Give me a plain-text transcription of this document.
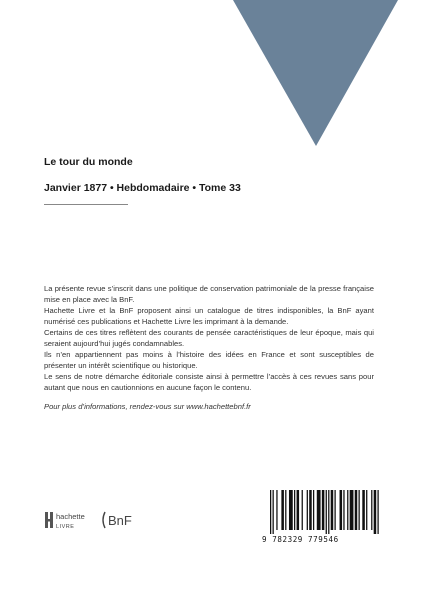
Le tour du monde
Janvier 1877 • Hebdomadaire • Tome 33

La présente revue s’inscrit dans une politique de conservation patrimoniale de la presse française mise en place avec la BnF.

Hachette Livre et la BnF proposent ainsi un catalogue de titres indisponibles, la BnF ayant numérisé ces publications et Hachette Livre les imprimant à la demande.

Certains de ces titres reflètent des courants de pensée caractéristiques de leur époque, mais qui seraient aujourd’hui jugés condamnables.

Ils n’en appartiennent pas moins à l’histoire des idées en France et sont susceptibles de présenter un intérêt scientifique ou historique.

Le sens de notre démarche éditoriale consiste ainsi à permettre l’accès à ces revues sans pour autant que nous en cautionnions en aucune façon le contenu.

Pour plus d’informations, rendez-vous sur www.hachettebnf.fr

hachette
LIVRE	BnF
9 782329 779546
